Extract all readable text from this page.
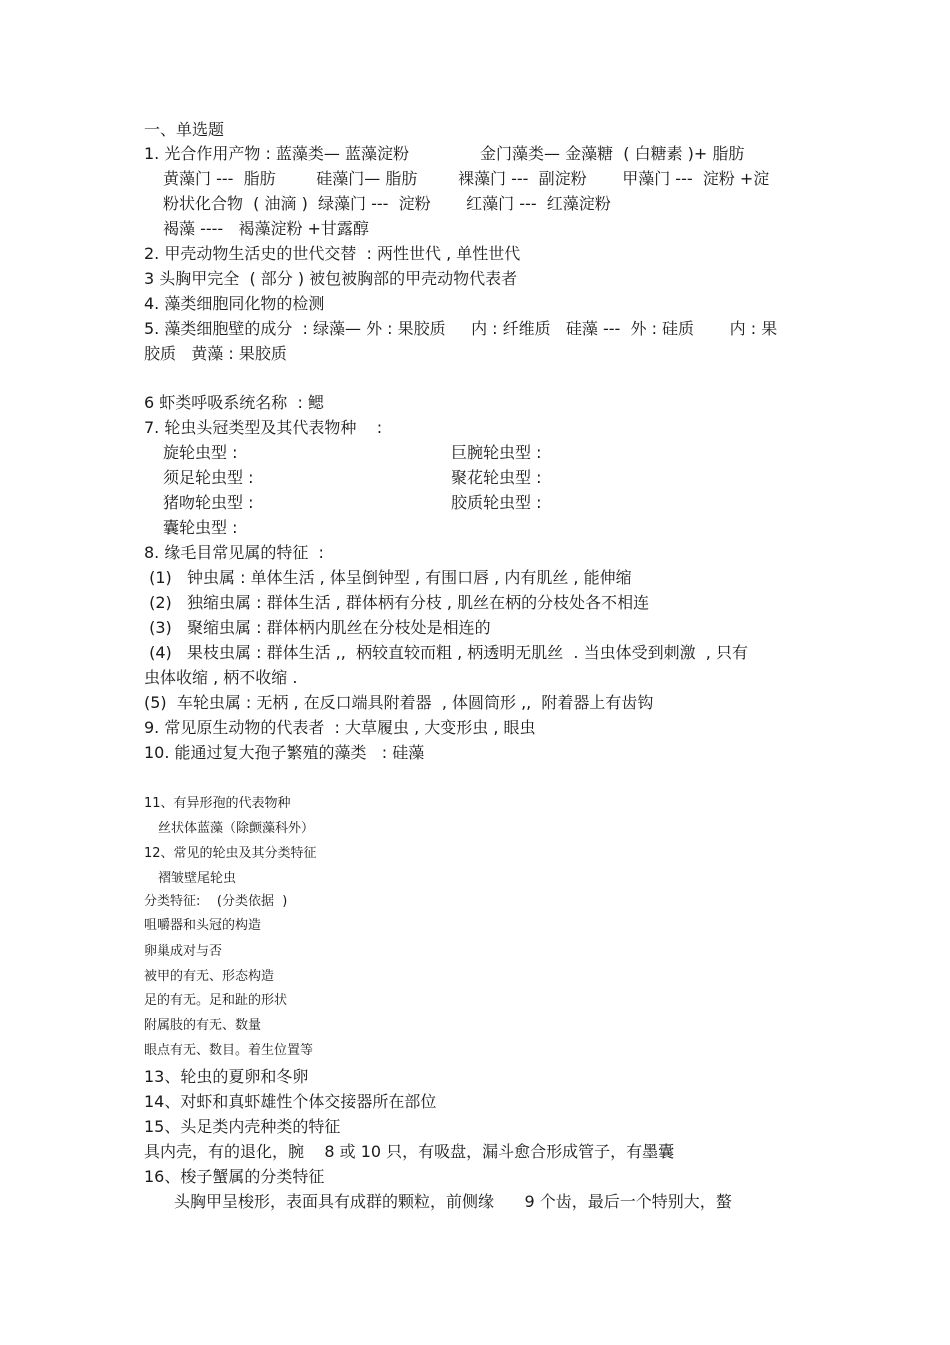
一、单选题
1. 光合作用产物 : 蓝藻类— 蓝藻淀粉	金门藻类— 金藻糖  ( 白糖素 )+ 脂肪
黄藻门 ---  脂肪        硅藻门— 脂肪        裸藻门 ---  副淀粉       甲藻门 ---  淀粉 +淀
粉状化合物  ( 油滴 )  绿藻门 ---  淀粉       红藻门 ---  红藻淀粉
褐藻 ----   褐藻淀粉 +甘露醇
2. 甲壳动物生活史的世代交替  : 两性世代 , 单性世代
3 头胸甲完全  ( 部分 ) 被包被胸部的甲壳动物代表者
4. 藻类细胞同化物的检测
5. 藻类细胞壁的成分  : 绿藻— 外 : 果胶质     内 : 纤维质   硅藻 ---  外 : 硅质       内 : 果
胶质   黄藻 : 果胶质
6 虾类呼吸系统名称  : 鳃
7. 轮虫头冠类型及其代表物种    :
旋轮虫型 :	巨腕轮虫型 :
须足轮虫型 :	聚花轮虫型 :
猪吻轮虫型 :	胶质轮虫型 :
囊轮虫型 :
8. 缘毛目常见属的特征  :
(1)   钟虫属 : 单体生活 , 体呈倒钟型 , 有围口唇 , 内有肌丝 , 能伸缩
(2)   独缩虫属 : 群体生活 , 群体柄有分枝 , 肌丝在柄的分枝处各不相连
(3)   聚缩虫属 : 群体柄内肌丝在分枝处是相连的
(4)   果枝虫属 : 群体生活 ,,  柄较直较而粗 , 柄透明无肌丝  . 当虫体受到刺激  , 只有
虫体收缩 , 柄不收缩 .
(5)  车轮虫属 : 无柄 , 在反口端具附着器  , 体圆筒形 ,,  附着器上有齿钩
9. 常见原生动物的代表者  : 大草履虫 , 大变形虫 , 眼虫
10. 能通过复大孢子繁殖的藻类   : 硅藻
11、有异形孢的代表物种
丝状体蓝藻（除颤藻科外）
12、常见的轮虫及其分类特征
褶皱壁尾轮虫
分类特征:    (分类依据  )
咀嚼器和头冠的构造
卵巢成对与否
被甲的有无、形态构造
足的有无。足和趾的形状
附属肢的有无、数量
眼点有无、数目。着生位置等
13、轮虫的夏卵和冬卵
14、对虾和真虾雄性个体交接器所在部位
15、头足类内壳种类的特征
具内壳，有的退化，腕    8 或 10 只，有吸盘，漏斗愈合形成管子，有墨囊
16、梭子蟹属的分类特征
头胸甲呈梭形，表面具有成群的颗粒，前侧缘      9 个齿，最后一个特别大，螯
